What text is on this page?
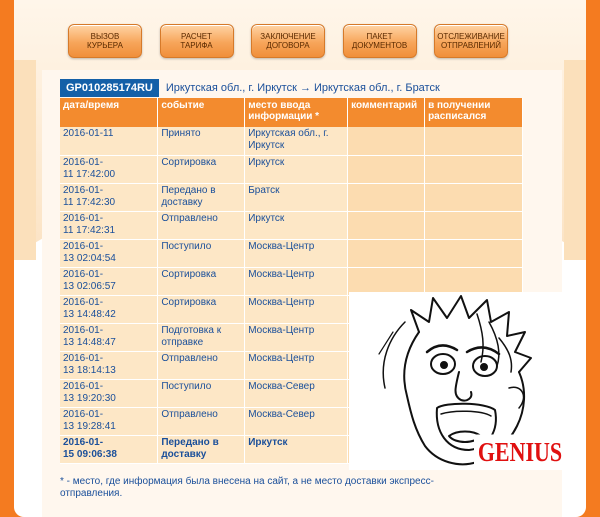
ВЫЗОВ
КУРЬЕРА
РАСЧЕТ
ТАРИФА
ЗАКЛЮЧЕНИЕ
ДОГОВОРА
ПАКЕТ
ДОКУМЕНТОВ
ОТСЛЕЖИВАНИЕ
ОТПРАВЛЕНИЙ
GP010285174RU	Иркутская обл., г. Иркутск → Иркутская обл., г. Братск
дата/время	событие	место ввода информации *	комментарий	в получении расписался

2016-01-11	Принято	Иркутская обл., г. Иркутск		

2016-01-
11 17:42:00	Сортировка	Иркутск		

2016-01-
11 17:42:30	Передано в доставку	Братск		

2016-01-
11 17:42:31	Отправлено	Иркутск		

2016-01-
13 02:04:54	Поступило	Москва-Центр		

2016-01-
13 02:06:57	Сортировка	Москва-Центр		

2016-01-
13 14:48:42	Сортировка	Москва-Центр		

2016-01-
13 14:48:47	Подготовка к отправке	Москва-Центр		

2016-01-
13 18:14:13	Отправлено	Москва-Центр		

2016-01-
13 19:20:30	Поступило	Москва-Север		

2016-01-
13 19:28:41	Отправлено	Москва-Север		

2016-01-
15 09:06:38	Передано в доставку	Иркутск		
* - место, где информация была внесена на сайт, а не место доставки экспресс-отправления.
GENIUS
